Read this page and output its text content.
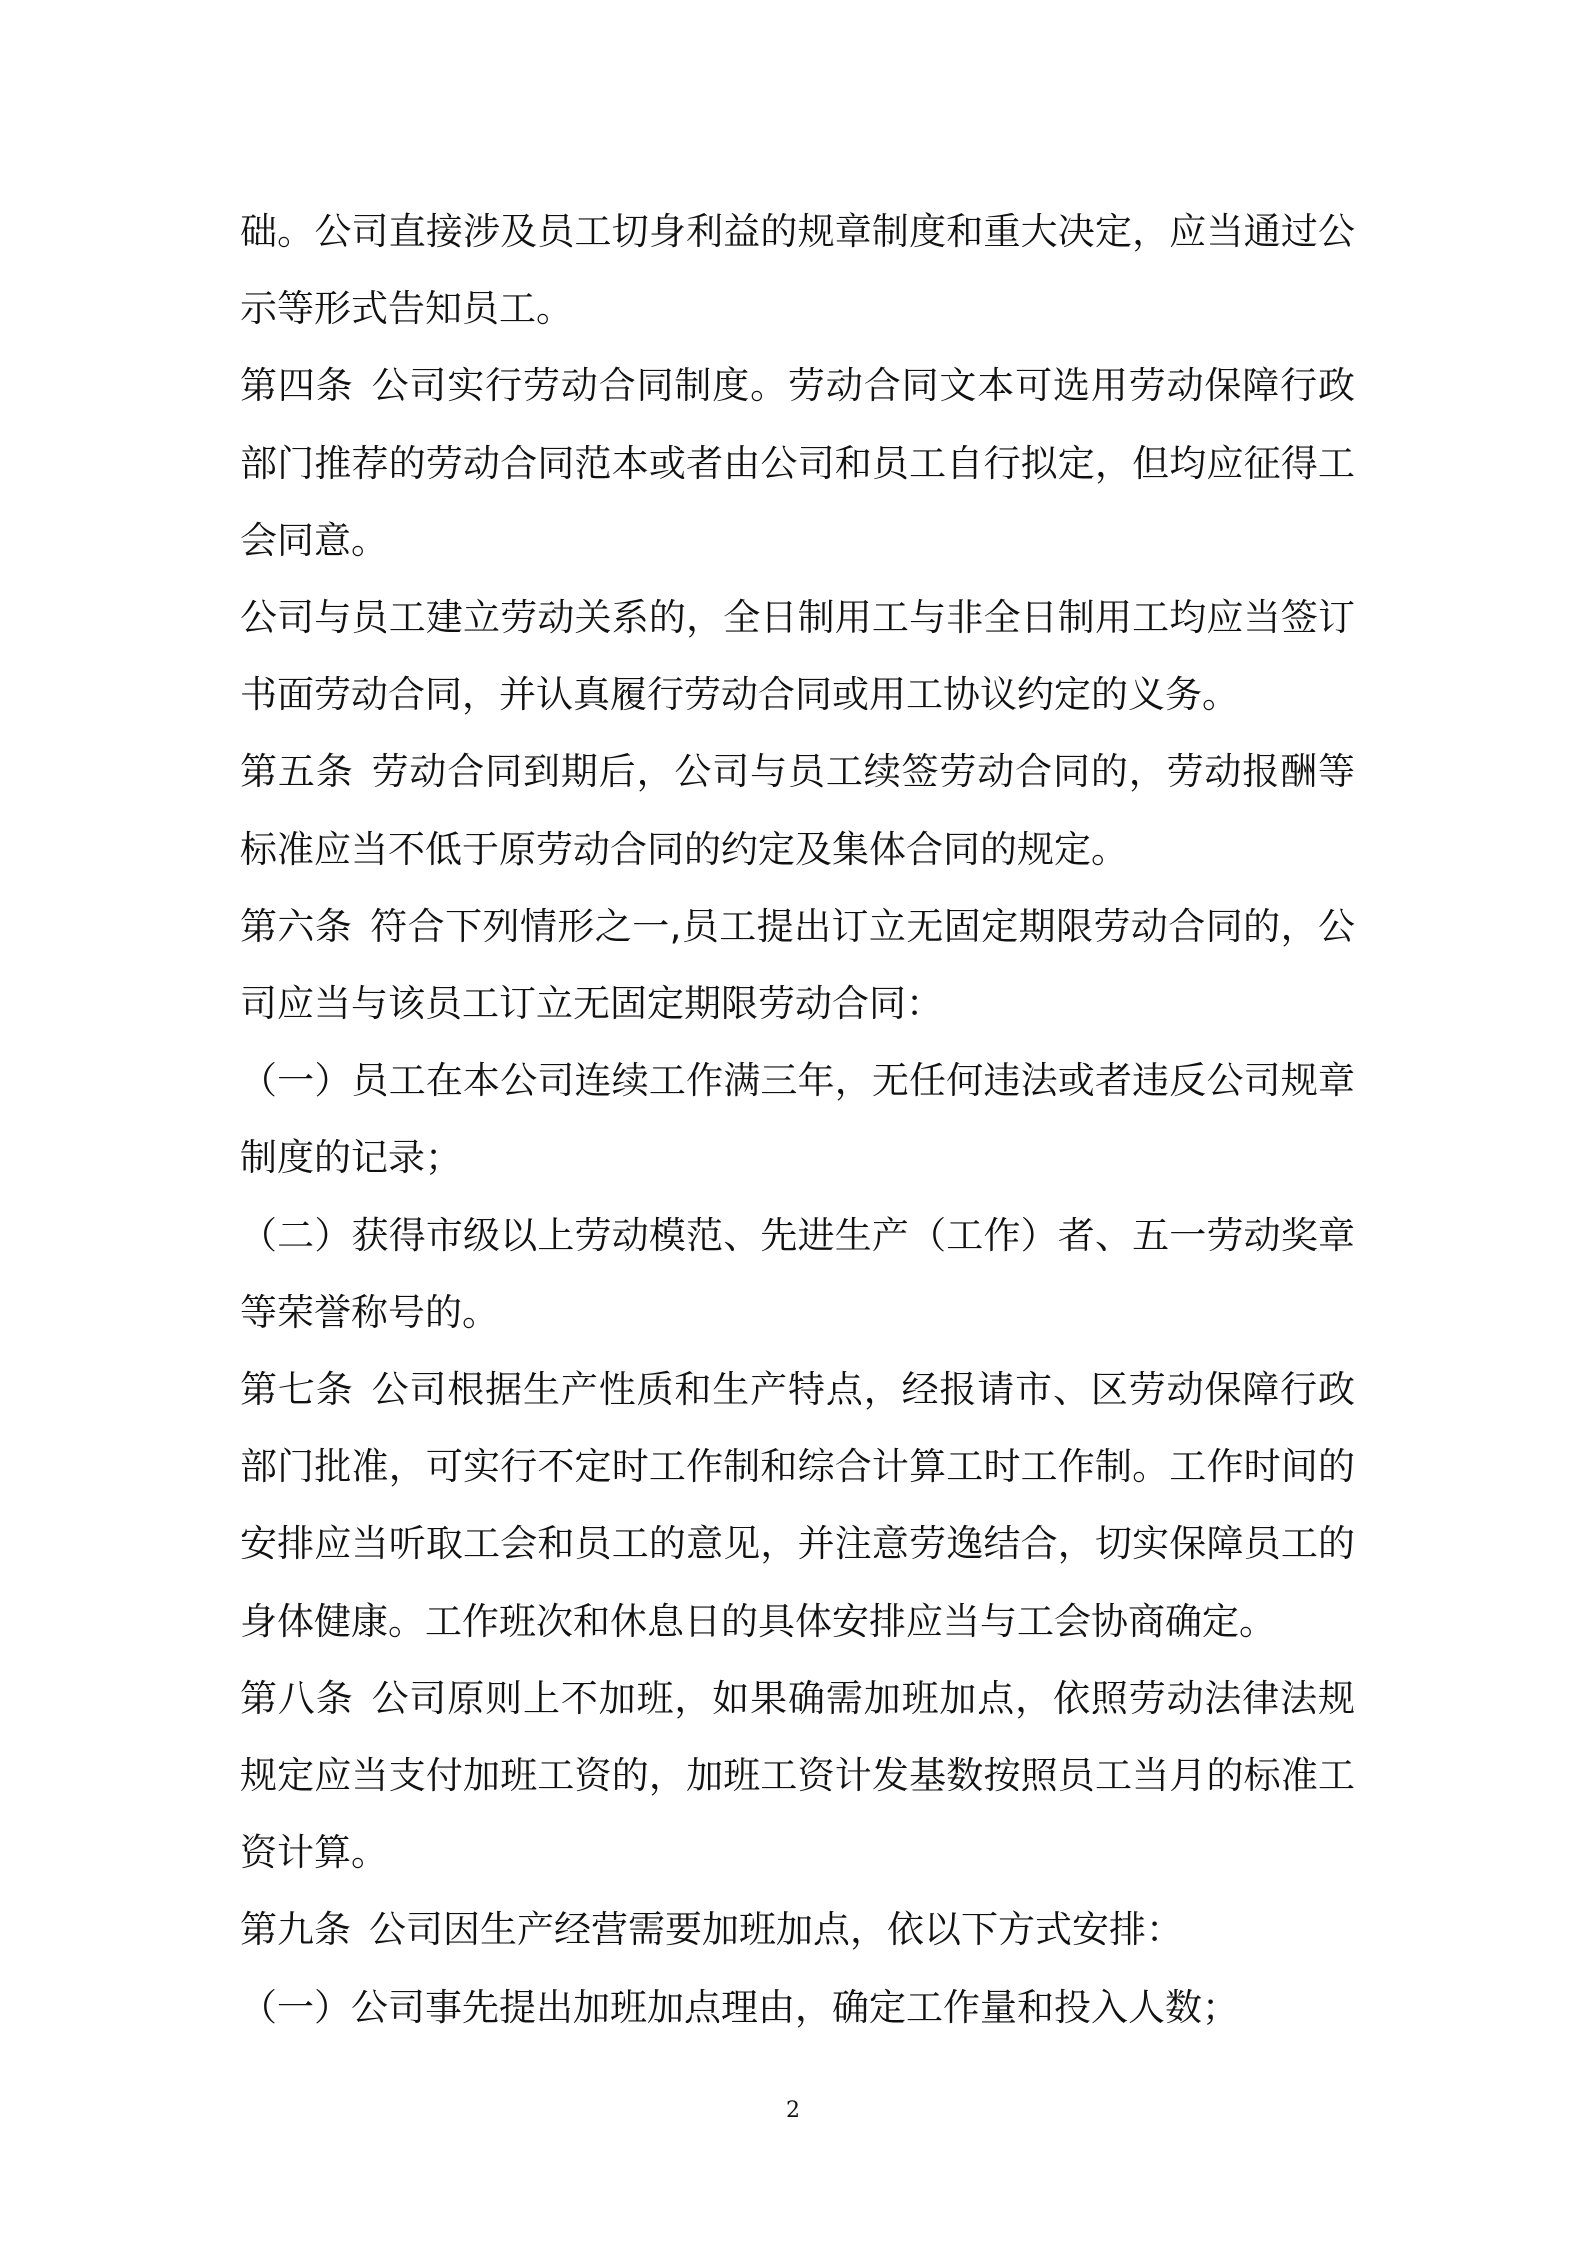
础。公司直接涉及员工切身利益的规章制度和重大决定，应当通过公示等形式告知员工。

第四条 公司实行劳动合同制度。劳动合同文本可选用劳动保障行政部门推荐的劳动合同范本或者由公司和员工自行拟定，但均应征得工会同意。

公司与员工建立劳动关系的，全日制用工与非全日制用工均应当签订书面劳动合同，并认真履行劳动合同或用工协议约定的义务。

第五条 劳动合同到期后，公司与员工续签劳动合同的，劳动报酬等标准应当不低于原劳动合同的约定及集体合同的规定。

第六条 符合下列情形之一,员工提出订立无固定期限劳动合同的，公司应当与该员工订立无固定期限劳动合同：

（一）员工在本公司连续工作满三年，无任何违法或者违反公司规章制度的记录；

（二）获得市级以上劳动模范、先进生产（工作）者、五一劳动奖章等荣誉称号的。

第七条 公司根据生产性质和生产特点，经报请市、区劳动保障行政部门批准，可实行不定时工作制和综合计算工时工作制。工作时间的安排应当听取工会和员工的意见，并注意劳逸结合，切实保障员工的身体健康。工作班次和休息日的具体安排应当与工会协商确定。

第八条 公司原则上不加班，如果确需加班加点，依照劳动法律法规规定应当支付加班工资的，加班工资计发基数按照员工当月的标准工资计算。

第九条 公司因生产经营需要加班加点，依以下方式安排：

（一）公司事先提出加班加点理由，确定工作量和投入人数；

2
